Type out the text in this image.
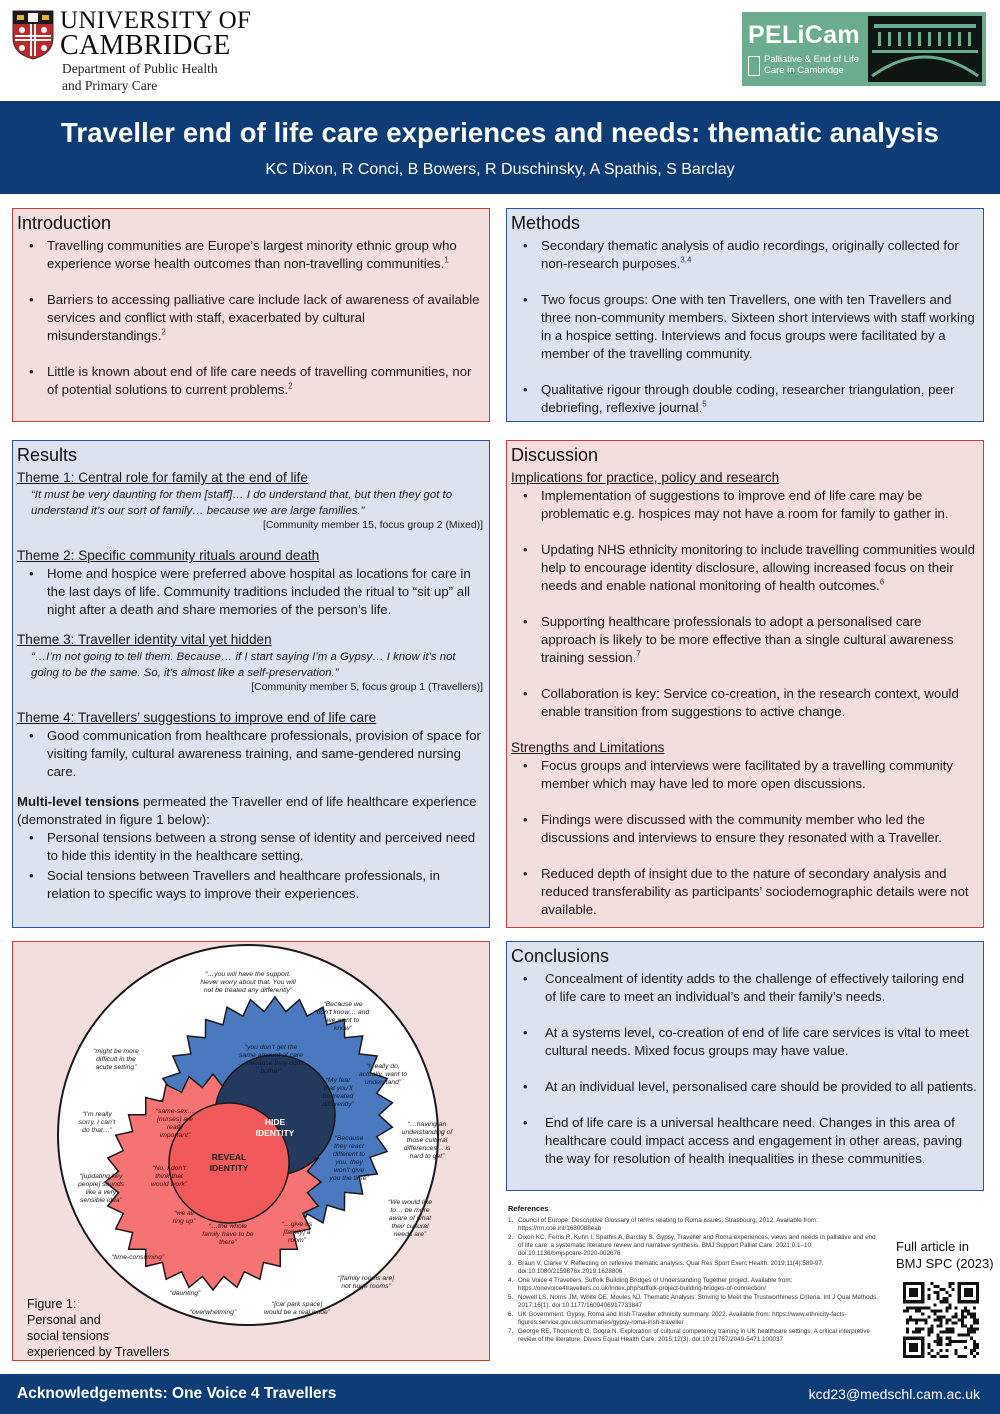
UNIVERSITY OF
CAMBRIDGE
Department of Public Health
and Primary Care
PELiCam
Palliative & End of Life
Care in Cambridge
Traveller end of life care experiences and needs: thematic analysis
KC Dixon, R Conci, B Bowers, R Duschinsky, A Spathis, S Barclay
Introduction
• Travelling communities are Europe’s largest minority ethnic group who experience worse health outcomes than non-travelling communities.$^1$
• Barriers to accessing palliative care include lack of awareness of available services and conflict with staff, exacerbated by cultural misunderstandings.$^2$
• Little is known about end of life care needs of travelling communities, nor of potential solutions to current problems.$^2$
Methods
• Secondary thematic analysis of audio recordings, originally collected for non-research purposes.$^{3,4}$
• Two focus groups: One with ten Travellers, one with ten Travellers and three non-community members. Sixteen short interviews with staff working in a hospice setting. Interviews and focus groups were facilitated by a member of the travelling community.
• Qualitative rigour through double coding, researcher triangulation, peer debriefing, reflexive journal.$^5$
Results
Theme 1: Central role for family at the end of life
“It must be very daunting for them [staff]… I do understand that, but then they got to understand it’s our sort of family… because we are large families.”
[Community member 15, focus group 2 (Mixed)]
Theme 2: Specific community rituals around death
• Home and hospice were preferred above hospital as locations for care in the last days of life. Community traditions included the ritual to “sit up” all night after a death and share memories of the person’s life.
Theme 3: Traveller identity vital yet hidden
“…I’m not going to tell them. Because… if I start saying I’m a Gypsy… I know it’s not going to be the same. So, it’s almost like a self-preservation.”
[Community member 5, focus group 1 (Travellers)]
Theme 4: Travellers’ suggestions to improve end of life care
• Good communication from healthcare professionals, provision of space for visiting family, cultural awareness training, and same-gendered nursing care.

Multi-level tensions permeated the Traveller end of life healthcare experience (demonstrated in figure 1 below):

• Personal tensions between a strong sense of identity and perceived need to hide this identity in the healthcare setting.
• Social tensions between Travellers and healthcare professionals, in relation to specific ways to improve their experiences.
Discussion
Implications for practice, policy and research
• Implementation of suggestions to improve end of life care may be problematic e.g. hospices may not have a room for family to gather in.
• Updating NHS ethnicity monitoring to include travelling communities would help to encourage identity disclosure, allowing increased focus on their needs and enable national monitoring of health outcomes.$^6$
• Supporting healthcare professionals to adopt a personalised care approach is likely to be more effective than a single cultural awareness training session.$^7$
• Collaboration is key: Service co-creation, in the research context, would enable transition from suggestions to active change.
Strengths and Limitations
• Focus groups and interviews were facilitated by a travelling community member which may have led to more open discussions.
• Findings were discussed with the community member who led the discussions and interviews to ensure they resonated with a Traveller.
• Reduced depth of insight due to the nature of secondary analysis and reduced transferability as participants’ sociodemographic details were not available.
HIDE IDENTITY
REVEAL IDENTITY
“…you will have the support. Never worry about that. You will not be treated any differently”
“Because we don’t know… and we want to know”
“I really do, actually, want to understand”
“…having an understanding of those cultural differences… is hard to get”
“We would like to… be more aware of what their cultural needs are”
“[family rooms are] not huge rooms”
“[car park space] would be a real issue”
“overwhelming”
“daunting”
“time-consuming”
“[updating key people] sounds like a very sensible idea”
“I’m really sorry, I can’t do that…”
“might be more difficult in the acute setting”
“you don’t get the same amount of care … because they don’t bother”
“My fear that you’ll be treated differently”
“Because they react different to you, they won’t give you the time”
“same-sex… [nurses] are really important”
“No, I don’t think that would work”
“we all ring up”
“…the whole family have to be there”
“…give us [family] a room”
Figure 1:
Personal and
social tensions
experienced by Travellers
Conclusions
• Concealment of identity adds to the challenge of effectively tailoring end of life care to meet an individual’s and their family’s needs.
• At a systems level, co-creation of end of life care services is vital to meet cultural needs. Mixed focus groups may have value.
• At an individual level, personalised care should be provided to all patients.
• End of life care is a universal healthcare need. Changes in this area of healthcare could impact access and engagement in other areas, paving the way for resolution of health inequalities in these communities.
References
1. Council of Europe. Descriptive Glossary of terms relating to Roma issues. Strasbourg; 2012. Available from: https://rm.coe.int/1680088eab
2. Dixon KC, Ferris R, Kuhn I, Spathis A, Barclay S. Gypsy, Traveller and Roma experiences, views and needs in palliative and end of life care: a systematic literature review and narrative synthesis. BMJ Support Palliat Care. 2021;0:1–10. doi:10.1136/bmjspcare-2020-002676
3. Braun V, Clarke V. Reflecting on reflexive thematic analysis. Qual Res Sport Exerc Health. 2019;11(4):589-97. doi:10.1080/2159676x.2019.1628806
4. One Voice 4 Travellers. Suffolk Building Bridges of Understanding Together project. Available from: https://onevoice4travellers.co.uk/index.php/suffolk-project-building-bridges-of-connection/
5. Nowell LS, Norris JM, White DE, Moules NJ. Thematic Analysis: Striving to Meet the Trustworthiness Criteria. Int J Qual Methods. 2017;16(1). doi:10.1177/1609406917733847
6. UK Government. Gypsy, Roma and Irish Traveller ethnicity summary. 2022. Available from: https://www.ethnicity-facts-figures.service.gov.uk/summaries/gypsy-roma-irish-traveller
7. George RE, Thornicroft G, Dogra N. Exploration of cultural competency training in UK healthcare settings: A critical interpretive review of the literature. Divers Equal Health Care. 2015;12(3). doi:10.21767/2049-5471.100037
Full article in
BMJ SPC (2023)
Acknowledgements: One Voice 4 Travellers	kcd23@medschl.cam.ac.uk
